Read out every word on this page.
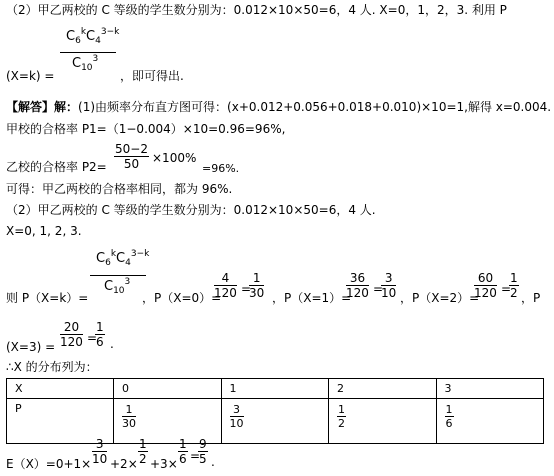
（2）甲乙两校的 C 等级的学生数分别为：0.012×10×50=6，4 人. X=0，1，2，3. 利用 P
$C_6^kC_4^{3-k}$
$C_{10}^3$
(X=k) =	，即可得出.
【解答】解：(1)由频率分布直方图可得：(x+0.012+0.056+0.018+0.010)×10=1,解得 x=0.004.
甲校的合格率 P1=（1−0.004）×10=0.96=96%,
乙校的合格率 $P2= \frac{50-2}{50} \times 100\%$
=96%.
可得：甲乙两校的合格率相同，都为 96%.
（2）甲乙两校的 C 等级的学生数分别为：0.012×10×50=6，4 人.
X=0, 1, 2, 3.
$C_6^kC_4^{3-k}$
$C_{10}^3$
则 P（X=k）=	，P（X=0）=
$\frac{4}{120}$ =
$\frac{1}{30}$ ，P（X=1）=
$\frac{36}{120}$ =
$\frac{3}{10}$ ，P（X=2）=
$\frac{60}{120}$ =
$\frac{1}{2}$ ，P
$(X=3) = \frac{20}{120}$ =
$\frac{1}{6}$ .
∴X 的分布列为：
X	0	1	2	3
P	$\frac{1}{30}$	$\frac{3}{10}$	$\frac{1}{2}$	$\frac{1}{6}$
$E(X)=0+1\times \frac{3}{10} +2\times \frac{1}{2} +3\times \frac{1}{6}$ =
$\frac{9}{5}$ .
